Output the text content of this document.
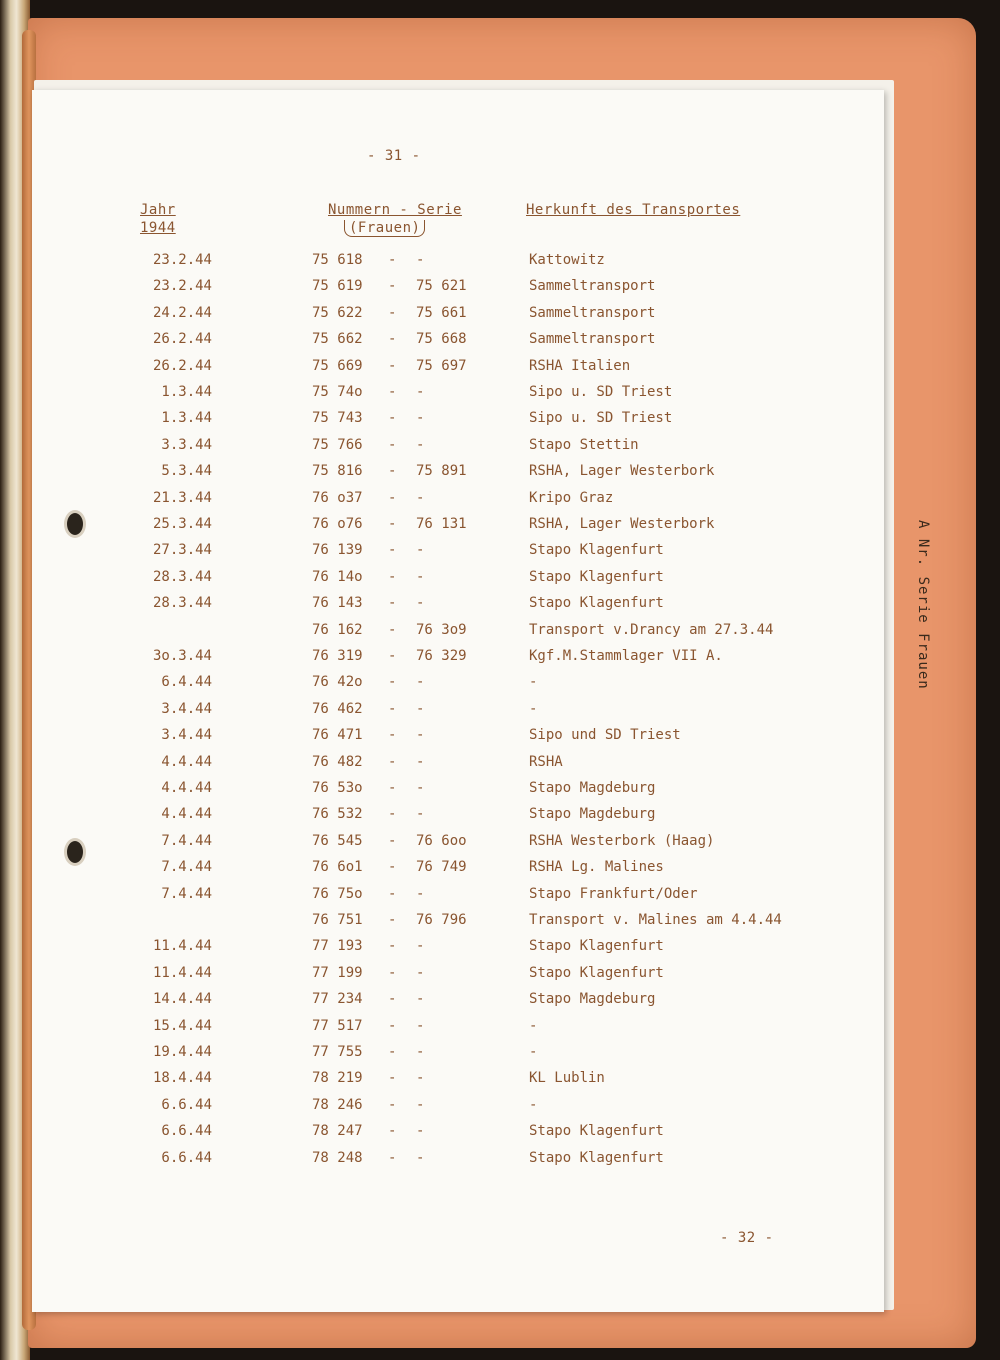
- 31 -
Jahr
1944
Nummern - Serie
(Frauen)
Herkunft des Transportes
23.2.44	75 618 - -	Kattowitz
23.2.44	75 619 - 75 621	Sammeltransport
24.2.44	75 622 - 75 661	Sammeltransport
26.2.44	75 662 - 75 668	Sammeltransport
26.2.44	75 669 - 75 697	RSHA Italien
1.3.44	75 74o - -	Sipo u. SD Triest
1.3.44	75 743 - -	Sipo u. SD Triest
3.3.44	75 766 - -	Stapo Stettin
5.3.44	75 816 - 75 891	RSHA, Lager Westerbork
21.3.44	76 o37 - -	Kripo Graz
25.3.44	76 o76 - 76 131	RSHA, Lager Westerbork
27.3.44	76 139 - -	Stapo Klagenfurt
28.3.44	76 14o - -	Stapo Klagenfurt
28.3.44	76 143 - -	Stapo Klagenfurt
76 162 - 76 3o9	Transport v.Drancy am 27.3.44
3o.3.44	76 319 - 76 329	Kgf.M.Stammlager VII A.
6.4.44	76 42o - -	-
3.4.44	76 462 - -	-
3.4.44	76 471 - -	Sipo und SD Triest
4.4.44	76 482 - -	RSHA
4.4.44	76 53o - -	Stapo Magdeburg
4.4.44	76 532 - -	Stapo Magdeburg
7.4.44	76 545 - 76 6oo	RSHA Westerbork (Haag)
7.4.44	76 6o1 - 76 749	RSHA Lg. Malines
7.4.44	76 75o - -	Stapo Frankfurt/Oder
76 751 - 76 796	Transport v. Malines am 4.4.44
11.4.44	77 193 - -	Stapo Klagenfurt
11.4.44	77 199 - -	Stapo Klagenfurt
14.4.44	77 234 - -	Stapo Magdeburg
15.4.44	77 517 - -	-
19.4.44	77 755 - -	-
18.4.44	78 219 - -	KL Lublin
6.6.44	78 246 - -	-
6.6.44	78 247 - -	Stapo Klagenfurt
6.6.44	78 248 - -	Stapo Klagenfurt
- 32 -
A Nr. Serie Frauen
